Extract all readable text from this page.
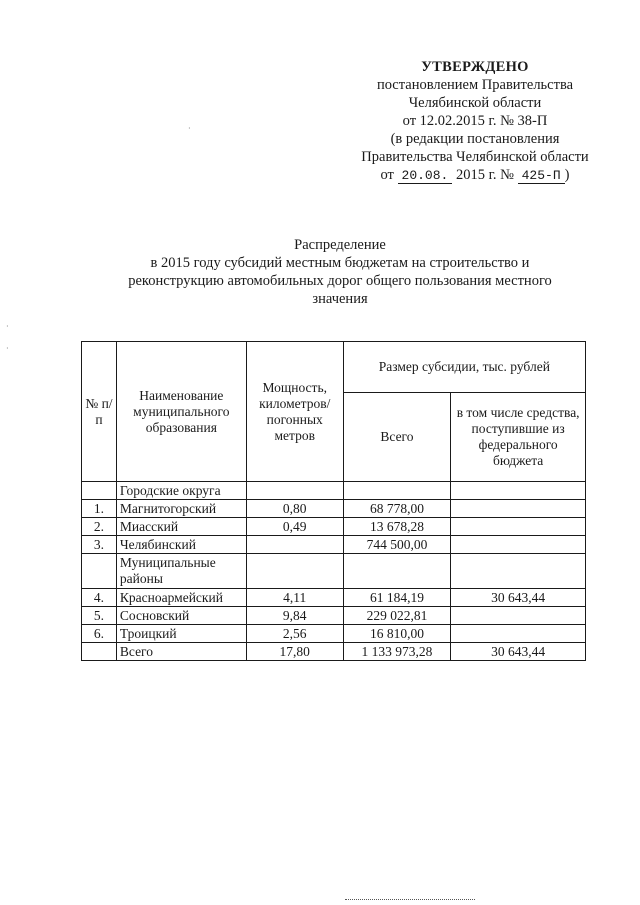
УТВЕРЖДЕНО
постановлением Правительства
Челябинской области
от 12.02.2015 г. № 38-П
(в редакции постановления
Правительства Челябинской области
от 20.08. 2015 г. № 425-П )
Распределение
в 2015 году субсидий местным бюджетам на строительство и
реконструкцию автомобильных дорог общего пользования местного
значения
№ п/п	Наименование муниципального образования	Мощность, километров/ погонных метров	Размер субсидии, тыс. рублей	
			Всего	в том числе средства, поступившие из федерального бюджета
	Городские округа			
1.	Магнитогорский	0,80	68 778,00	
2.	Миасский	0,49	13 678,28	
3.	Челябинский		744 500,00	
	Муниципальные районы			
4.	Красноармейский	4,11	61 184,19	30 643,44
5.	Сосновский	9,84	229 022,81	
6.	Троицкий	2,56	16 810,00	
	Всего	17,80	1 133 973,28	30 643,44
·
·
·
